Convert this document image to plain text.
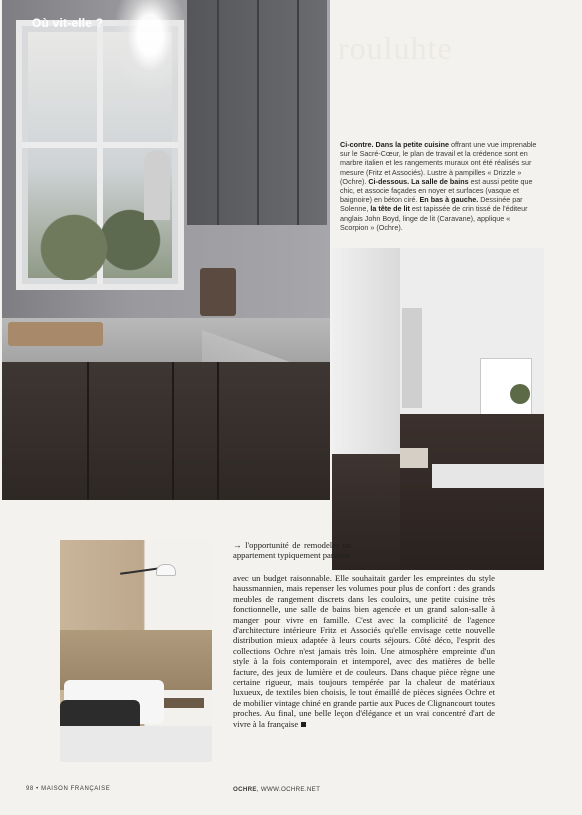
Où vit-elle ?
rouluhte
Ci-contre. Dans la petite cuisine offrant une vue imprenable sur le Sacré-Cœur, le plan de travail et la crédence sont en marbre italien et les rangements muraux ont été réalisés sur mesure (Fritz et Associés). Lustre à pampilles « Drizzle » (Ochre). Ci-dessous. La salle de bains est aussi petite que chic, et associe façades en noyer et surfaces (vasque et baignoire) en béton ciré. En bas à gauche. Dessinée par Solenne, la tête de lit est tapissée de crin tissé de l'éditeur anglais John Boyd, linge de lit (Caravane), applique « Scorpion » (Ochre).
→ l'opportunité de remodeler un appartement typiquement parisien
avec un budget raisonnable. Elle souhaitait garder les empreintes du style haussmannien, mais repenser les volumes pour plus de confort : des grands meubles de rangement discrets dans les couloirs, une petite cuisine très fonctionnelle, une salle de bains bien agencée et un grand salon-salle à manger pour vivre en famille. C'est avec la complicité de l'agence d'architecture intérieure Fritz et Associés qu'elle envisage cette nouvelle distribution mieux adaptée à leurs courts séjours. Côté déco, l'esprit des collections Ochre n'est jamais très loin. Une atmosphère empreinte d'un style à la fois contemporain et intemporel, avec des matières de belle facture, des jeux de lumière et de couleurs. Dans chaque pièce règne une certaine rigueur, mais toujours tempérée par la chaleur de matériaux luxueux, de textiles bien choisis, le tout émaillé de pièces signées Ochre et de mobilier vintage chiné en grande partie aux Puces de Clignancourt toutes proches. Au final, une belle leçon d'élégance et un vrai concentré d'art de vivre à la française
OCHRE, WWW.OCHRE.NET
98 • MAISON FRANÇAISE
